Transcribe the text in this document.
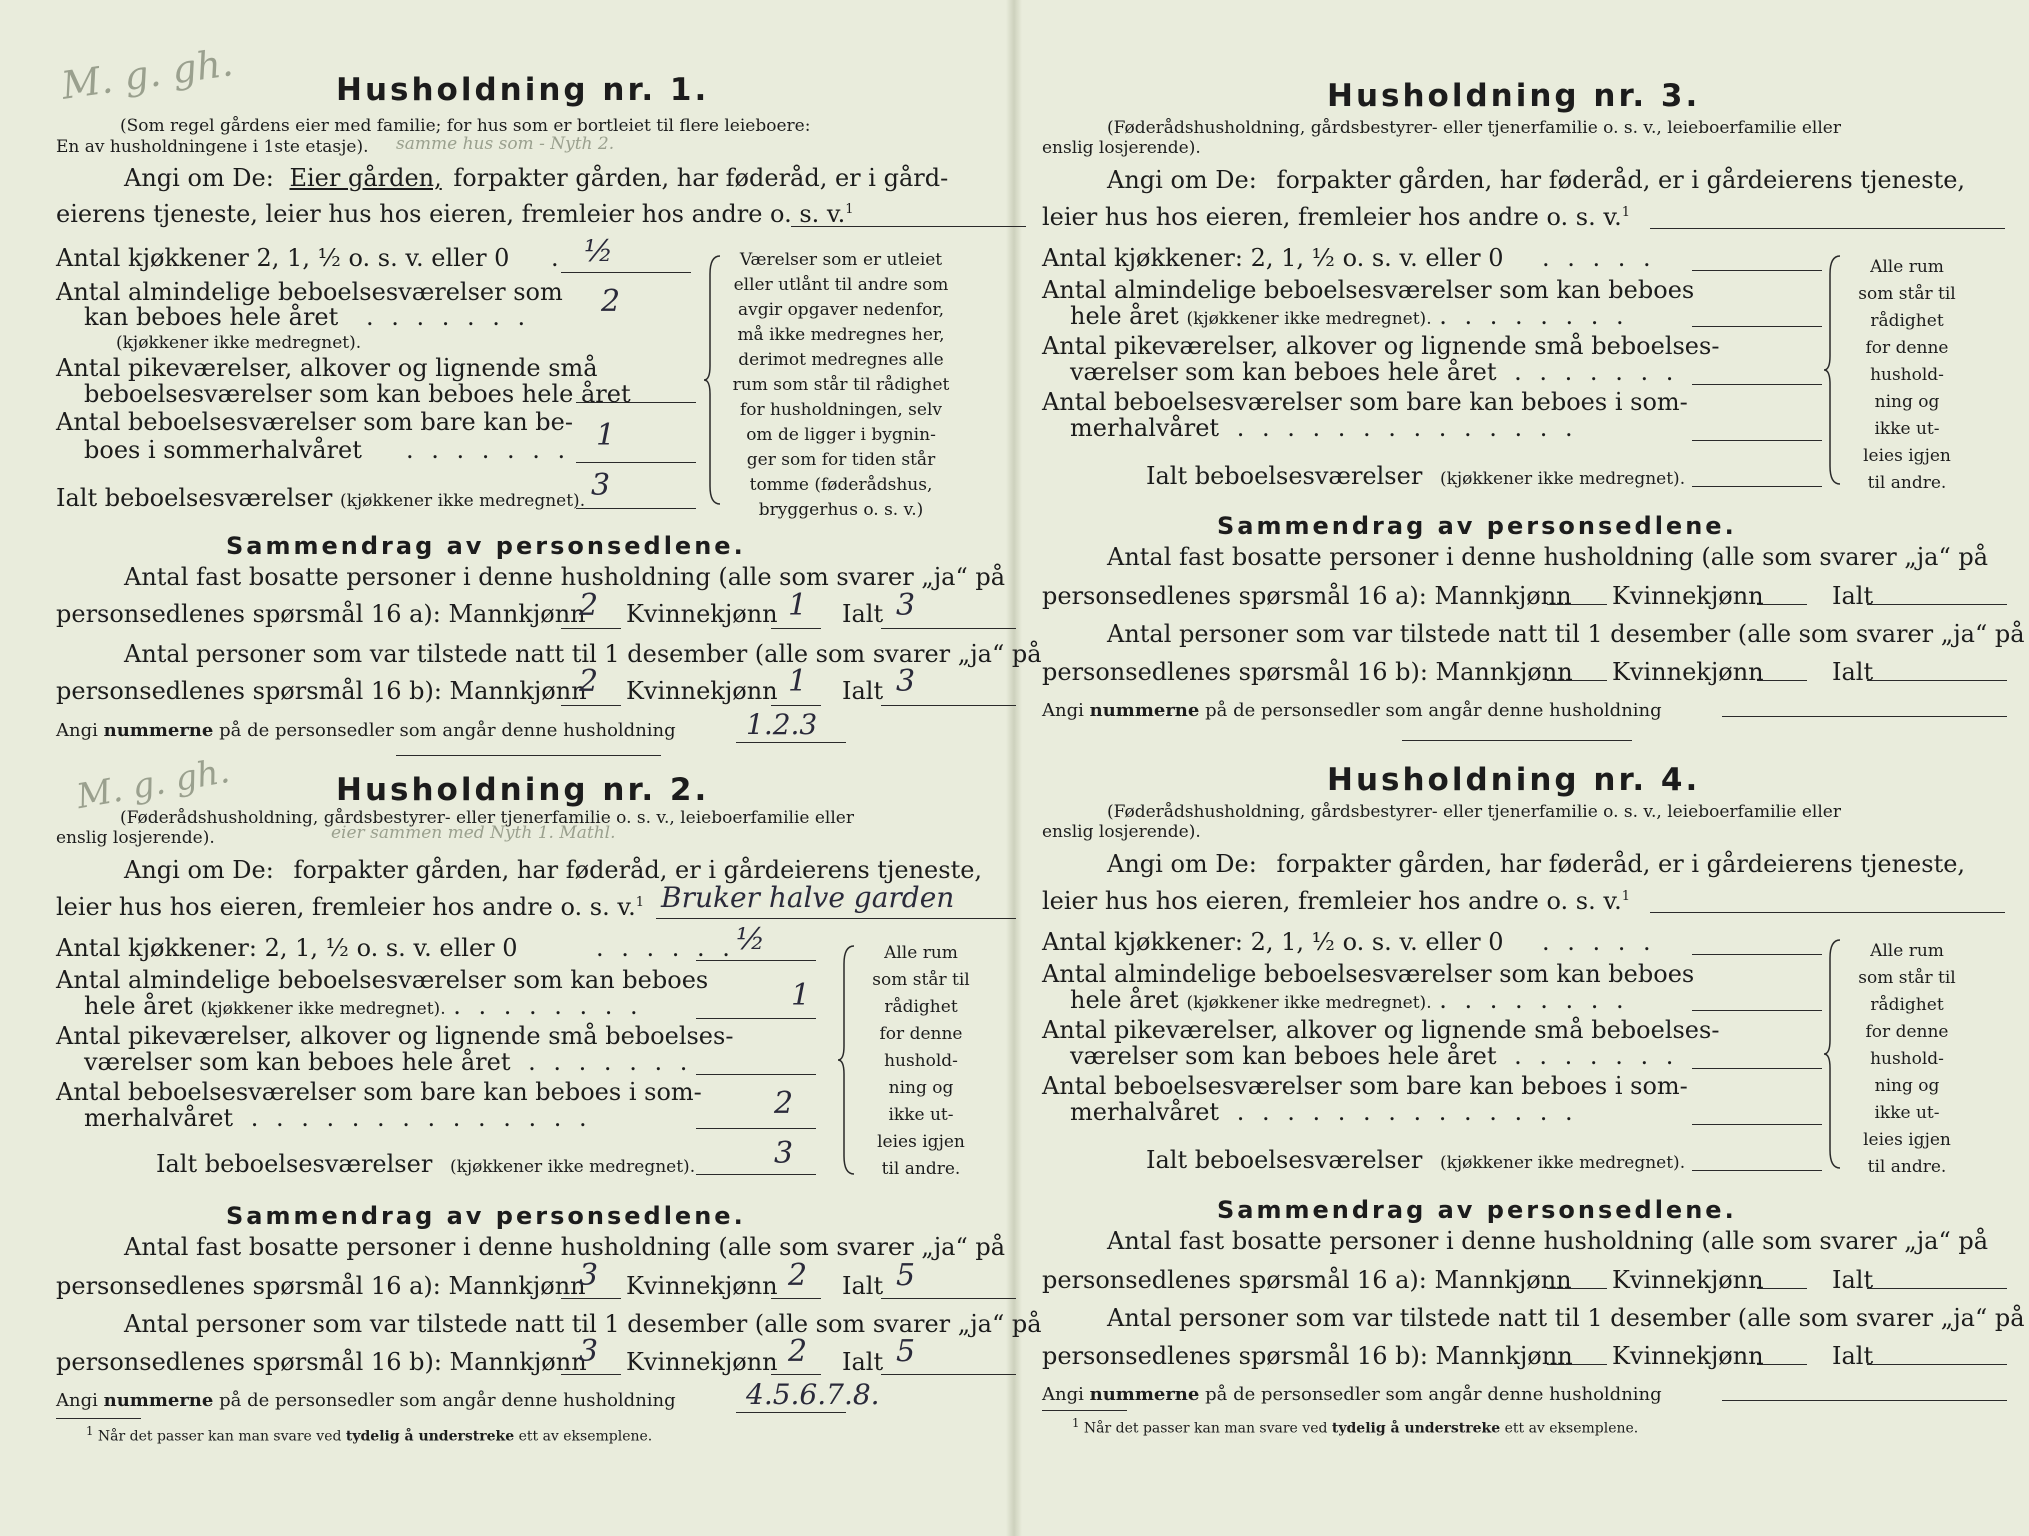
M. g. gh.	Husholdning nr. 1.
(Som regel gårdens eier med familie; for hus som er bortleiet til flere leieboere:
En av husholdningene i 1ste etasje). samme hus som - Nyth 2.
Angi om De: Eier gården, forpakter gården, har føderåd, er i gård-
eierens tjeneste, leier hus hos eieren, fremleier hos andre o. s. v.$^1$
Antal kjøkkener 2, 1, ½ o. s. v. eller 0 . ½
Antal almindelige beboelsesværelser som
kan beboes hele året . . . . . . . 2
(kjøkkener ikke medregnet).
Antal pikeværelser, alkover og lignende små
beboelsesværelser som kan beboes hele året
Antal beboelsesværelser som bare kan be-
boes i sommerhalvåret . . . . . . . 1
Ialt beboelsesværelser (kjøkkener ikke medregnet). 3
Værelser som er utleiet
eller utlånt til andre som
avgir opgaver nedenfor,
må ikke medregnes her,
derimot medregnes alle
rum som står til rådighet
for husholdningen, selv
om de ligger i bygnin-
ger som for tiden står
tomme (føderådshus,
bryggerhus o. s. v.)
Sammendrag av personsedlene.
Antal fast bosatte personer i denne husholdning (alle som svarer „ja“ på
personsedlenes spørsmål 16 a): Mannkjønn
2 Kvinnekjønn 1 Ialt 3
Antal personer som var tilstede natt til 1 desember (alle som svarer „ja“ på
personsedlenes spørsmål 16 b): Mannkjønn
2 Kvinnekjønn 1 Ialt 3
Angi nummerne på de personsedler som angår denne husholdning	1.2.3
M. g. gh.	Husholdning nr. 2.
(Føderådshusholdning, gårdsbestyrer- eller tjenerfamilie o. s. v., leieboerfamilie eller
enslig losjerende).	eier sammen med Nyth 1. Mathl.
Angi om De: forpakter gården, har føderåd, er i gårdeierens tjeneste,
leier hus hos eieren, fremleier hos andre o. s. v.$^1$ Bruker halve garden
Antal kjøkkener: 2, 1, ½ o. s. v. eller 0	. . . . . . ½
Antal almindelige beboelsesværelser som kan beboes
hele året (kjøkkener ikke medregnet). . . . . . . . .	1
Antal pikeværelser, alkover og lignende små beboelses-
værelser som kan beboes hele året . . . . . . .
Antal beboelsesværelser som bare kan beboes i som-
merhalvåret . . . . . . . . . . . . . .	2
Ialt beboelsesværelser (kjøkkener ikke medregnet).	3
Alle rum
som står til
rådighet
for denne
hushold-
ning og
ikke ut-
leies igjen
til andre.
Sammendrag av personsedlene.
Antal fast bosatte personer i denne husholdning (alle som svarer „ja“ på
personsedlenes spørsmål 16 a): Mannkjønn
3 Kvinnekjønn 2 Ialt 5
Antal personer som var tilstede natt til 1 desember (alle som svarer „ja“ på
personsedlenes spørsmål 16 b): Mannkjønn
3 Kvinnekjønn 2 Ialt 5
Angi nummerne på de personsedler som angår denne husholdning	4.5.6.7.8.
$^1$ Når det passer kan man svare ved tydelig å understreke ett av eksemplene.
Husholdning nr. 3.
(Føderådshusholdning, gårdsbestyrer- eller tjenerfamilie o. s. v., leieboerfamilie eller
enslig losjerende).
Angi om De: forpakter gården, har føderåd, er i gårdeierens tjeneste,
leier hus hos eieren, fremleier hos andre o. s. v.$^1$
Antal kjøkkener: 2, 1, ½ o. s. v. eller 0 . . . . .
Antal almindelige beboelsesværelser som kan beboes
hele året (kjøkkener ikke medregnet). . . . . . . . .
Antal pikeværelser, alkover og lignende små beboelses-
værelser som kan beboes hele året . . . . . . .
Antal beboelsesværelser som bare kan beboes i som-
merhalvåret . . . . . . . . . . . . . .
Ialt beboelsesværelser (kjøkkener ikke medregnet).
Alle rum
som står til
rådighet
for denne
hushold-
ning og
ikke ut-
leies igjen
til andre.
Sammendrag av personsedlene.
Antal fast bosatte personer i denne husholdning (alle som svarer „ja“ på
personsedlenes spørsmål 16 a): Mannkjønn Kvinnekjønn	Ialt
Antal personer som var tilstede natt til 1 desember (alle som svarer „ja“ på
personsedlenes spørsmål 16 b): Mannkjønn Kvinnekjønn	Ialt
Angi nummerne på de personsedler som angår denne husholdning
Husholdning nr. 4.
(Føderådshusholdning, gårdsbestyrer- eller tjenerfamilie o. s. v., leieboerfamilie eller
enslig losjerende).
Angi om De: forpakter gården, har føderåd, er i gårdeierens tjeneste,
leier hus hos eieren, fremleier hos andre o. s. v.$^1$
Antal kjøkkener: 2, 1, ½ o. s. v. eller 0 . . . . .
Antal almindelige beboelsesværelser som kan beboes
hele året (kjøkkener ikke medregnet). . . . . . . . .
Antal pikeværelser, alkover og lignende små beboelses-
værelser som kan beboes hele året . . . . . . .
Antal beboelsesværelser som bare kan beboes i som-
merhalvåret . . . . . . . . . . . . . .
Ialt beboelsesværelser (kjøkkener ikke medregnet).
Alle rum
som står til
rådighet
for denne
hushold-
ning og
ikke ut-
leies igjen
til andre.
Sammendrag av personsedlene.
Antal fast bosatte personer i denne husholdning (alle som svarer „ja“ på
personsedlenes spørsmål 16 a): Mannkjønn Kvinnekjønn	Ialt
Antal personer som var tilstede natt til 1 desember (alle som svarer „ja“ på
personsedlenes spørsmål 16 b): Mannkjønn Kvinnekjønn	Ialt
Angi nummerne på de personsedler som angår denne husholdning
$^1$ Når det passer kan man svare ved tydelig å understreke ett av eksemplene.
